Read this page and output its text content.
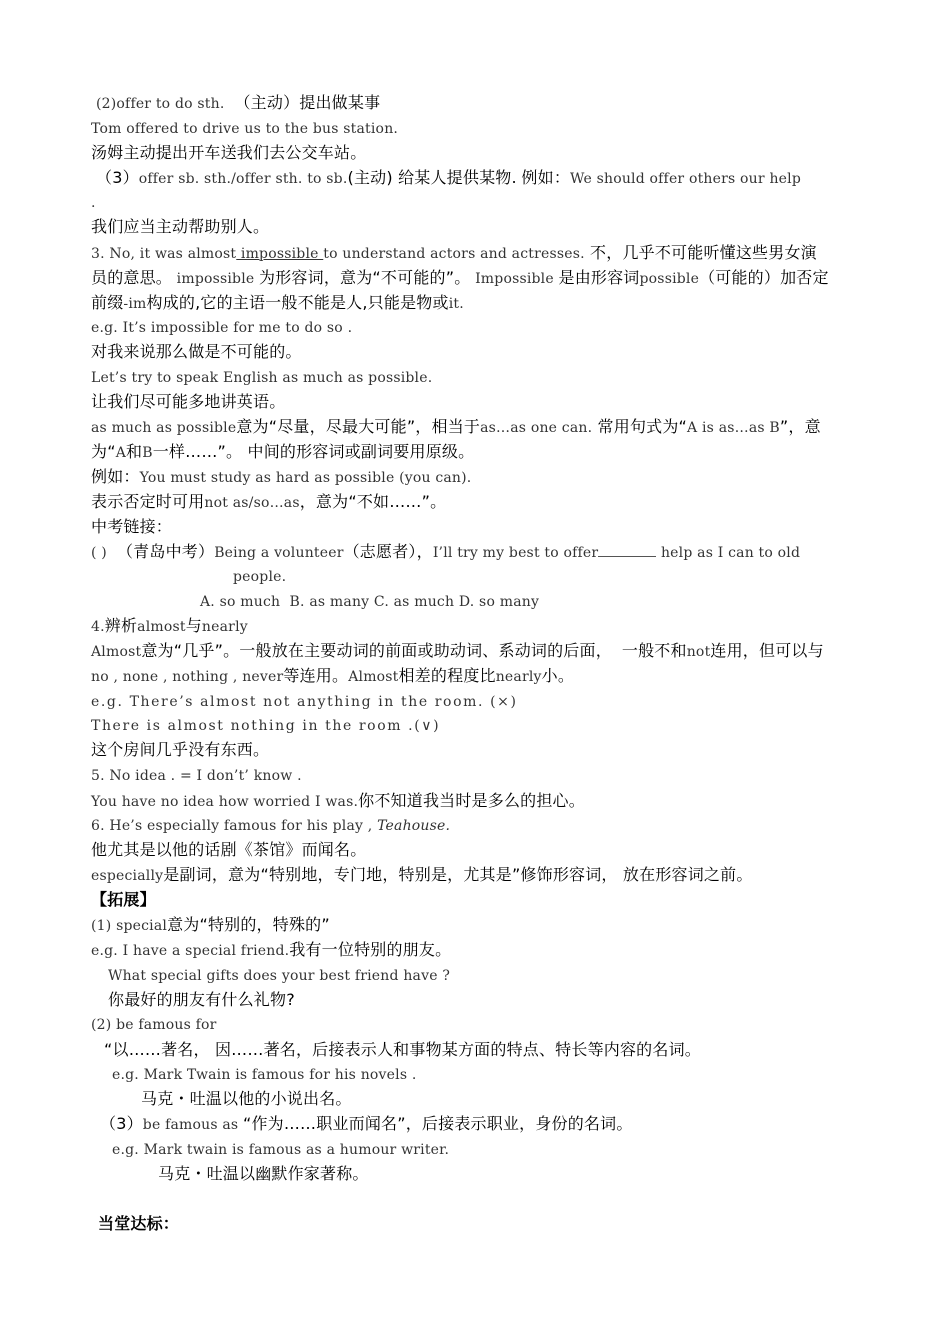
(2)offer to do sth. （主动）提出做某事
Tom offered to drive us to the bus station.
汤姆主动提出开车送我们去公交车站。
（3）offer sb. sth./offer sth. to sb.(主动) 给某人提供某物. 例如：We should offer others our help
.
我们应当主动帮助别人。
3. No, it was almost impossible to understand actors and actresses. 不，几乎不可能听懂这些男女演
员的意思。 impossible 为形容词，意为“不可能的”。 Impossible 是由形容词possible（可能的）加否定
前缀-im构成的,它的主语一般不能是人,只能是物或it.
e.g. It’s impossible for me to do so .
对我来说那么做是不可能的。
Let’s try to speak English as much as possible.
让我们尽可能多地讲英语。
as much as possible意为“尽量，尽最大可能”，相当于as…as one can. 常用句式为“A is as…as B”，意
为“A和B一样……”。 中间的形容词或副词要用原级。
例如：You must study as hard as possible (you can).
表示否定时可用not as/so…as，意为“不如……”。
中考链接：
( ) （青岛中考）Being a volunteer（志愿者），I’ll try my best to offer	help as I can to old
people.
A. so much B. as many C. as much D. so many
4.辨析almost与nearly
Almost意为“几乎”。一般放在主要动词的前面或助动词、系动词的后面， 一般不和not连用，但可以与
no , none , nothing , never等连用。Almost相差的程度比nearly小。
e.g. There’s almost not anything in the room. (×)
There is almost nothing in the room .(∨)
这个房间几乎没有东西。
5. No idea . = I don’t’ know .
You have no idea how worried I was.你不知道我当时是多么的担心。
6. He’s especially famous for his play , Teahouse.
他尤其是以他的话剧《茶馆》而闻名。
especially是副词，意为“特别地，专门地，特别是，尤其是”修饰形容词， 放在形容词之前。
【拓展】
(1) special意为“特别的，特殊的”
e.g. I have a special friend.我有一位特别的朋友。
What special gifts does your best friend have ?
你最好的朋友有什么礼物?
(2) be famous for
“以……著名， 因……著名，后接表示人和事物某方面的特点、特长等内容的名词。
e.g. Mark Twain is famous for his novels .
马克・吐温以他的小说出名。
（3）be famous as “作为……职业而闻名”，后接表示职业，身份的名词。
e.g. Mark twain is famous as a humour writer.
马克・吐温以幽默作家著称。
当堂达标：
